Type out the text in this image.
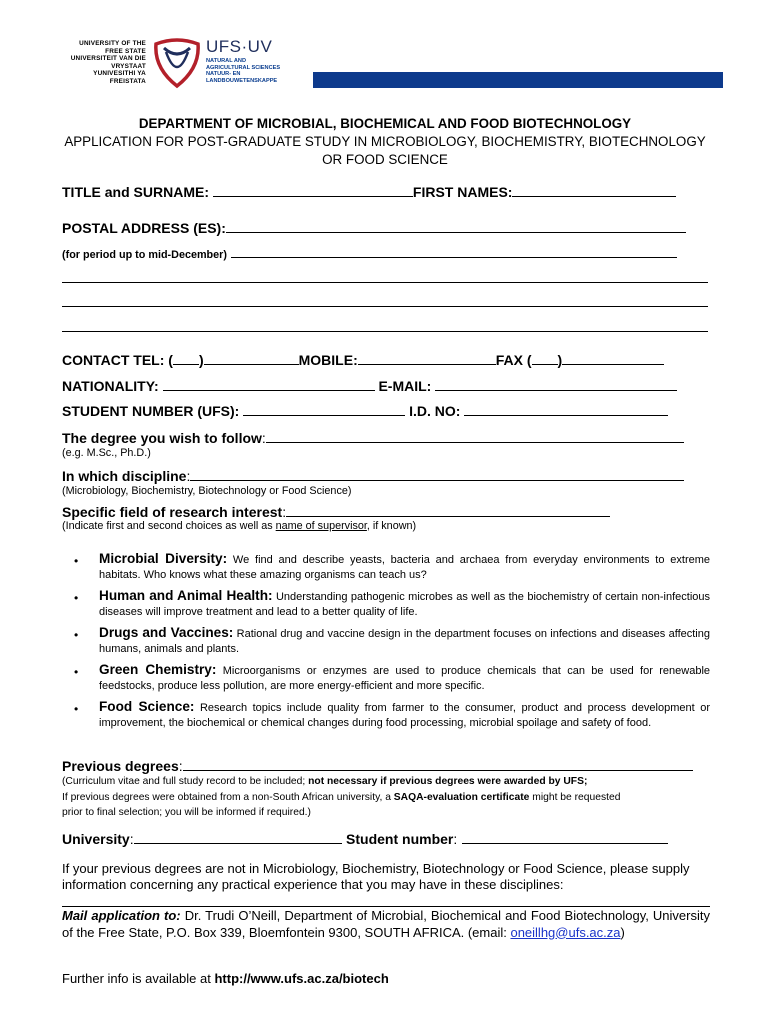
UNIVERSITY OF THE
FREE STATE
UNIVERSITEIT VAN DIE
VRYSTAAT
YUNIVESITHI YA
FREISTATA
UFS·UV
NATURAL AND
AGRICULTURAL SCIENCES
NATUUR- EN
LANDBOUWETENSKAPPE
DEPARTMENT OF MICROBIAL, BIOCHEMICAL AND FOOD BIOTECHNOLOGY
APPLICATION FOR POST-GRADUATE STUDY IN MICROBIOLOGY, BIOCHEMISTRY, BIOTECHNOLOGY OR FOOD SCIENCE
TITLE and SURNAME:	FIRST NAMES:
POSTAL ADDRESS (ES):
(for period up to mid-December)
CONTACT TEL: ( )	MOBILE:	FAX ( )
NATIONALITY:	E-MAIL:
STUDENT NUMBER (UFS):	I.D. NO:
The degree you wish to follow:
(e.g. M.Sc., Ph.D.)
In which discipline:
(Microbiology, Biochemistry, Biotechnology or Food Science)
Specific field of research interest:
(Indicate first and second choices as well as name of supervisor, if known)
• Microbial Diversity: We find and describe yeasts, bacteria and archaea from everyday environments to extreme habitats. Who knows what these amazing organisms can teach us?
• Human and Animal Health: Understanding pathogenic microbes as well as the biochemistry of certain non-infectious diseases will improve treatment and lead to a better quality of life.
• Drugs and Vaccines: Rational drug and vaccine design in the department focuses on infections and diseases affecting humans, animals and plants.
• Green Chemistry: Microorganisms or enzymes are used to produce chemicals that can be used for renewable feedstocks, produce less pollution, are more energy-efficient and more specific.
• Food Science: Research topics include quality from farmer to the consumer, product and process development or improvement, the biochemical or chemical changes during food processing, microbial spoilage and safety of food.
Previous degrees:
(Curriculum vitae and full study record to be included; not necessary if previous degrees were awarded by UFS;
If previous degrees were obtained from a non-South African university, a SAQA-evaluation certificate might be requested
prior to final selection; you will be informed if required.)
University:	Student number:
If your previous degrees are not in Microbiology, Biochemistry, Biotechnology or Food Science, please supply information concerning any practical experience that you may have in these disciplines:
Mail application to: Dr. Trudi O’Neill, Department of Microbial, Biochemical and Food Biotechnology, University of the Free State, P.O. Box 339, Bloemfontein 9300, SOUTH AFRICA. (email: oneillhg@ufs.ac.za)
Further info is available at http://www.ufs.ac.za/biotech
